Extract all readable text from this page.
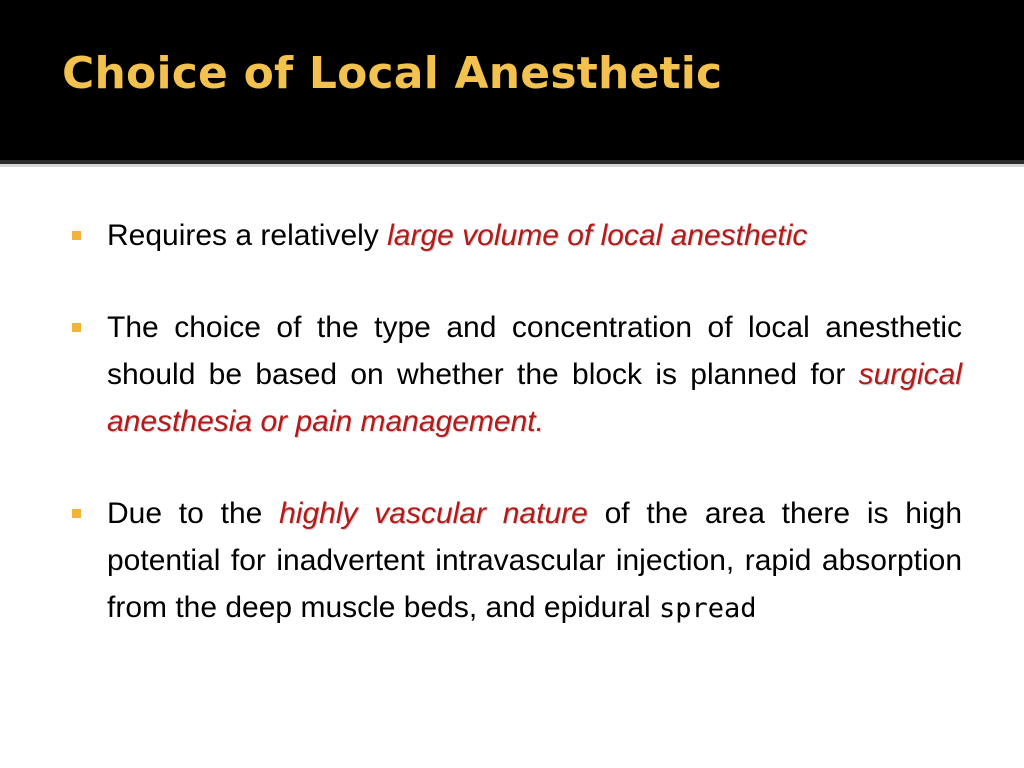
Choice of Local Anesthetic
Requires a relatively large volume of local anesthetic
The choice of the type and concentration of local anesthetic should be based on whether the block is planned for surgical anesthesia or pain management.
Due to the highly vascular nature of the area there is high potential for inadvertent intravascular injection, rapid absorption from the deep muscle beds, and epidural spread
